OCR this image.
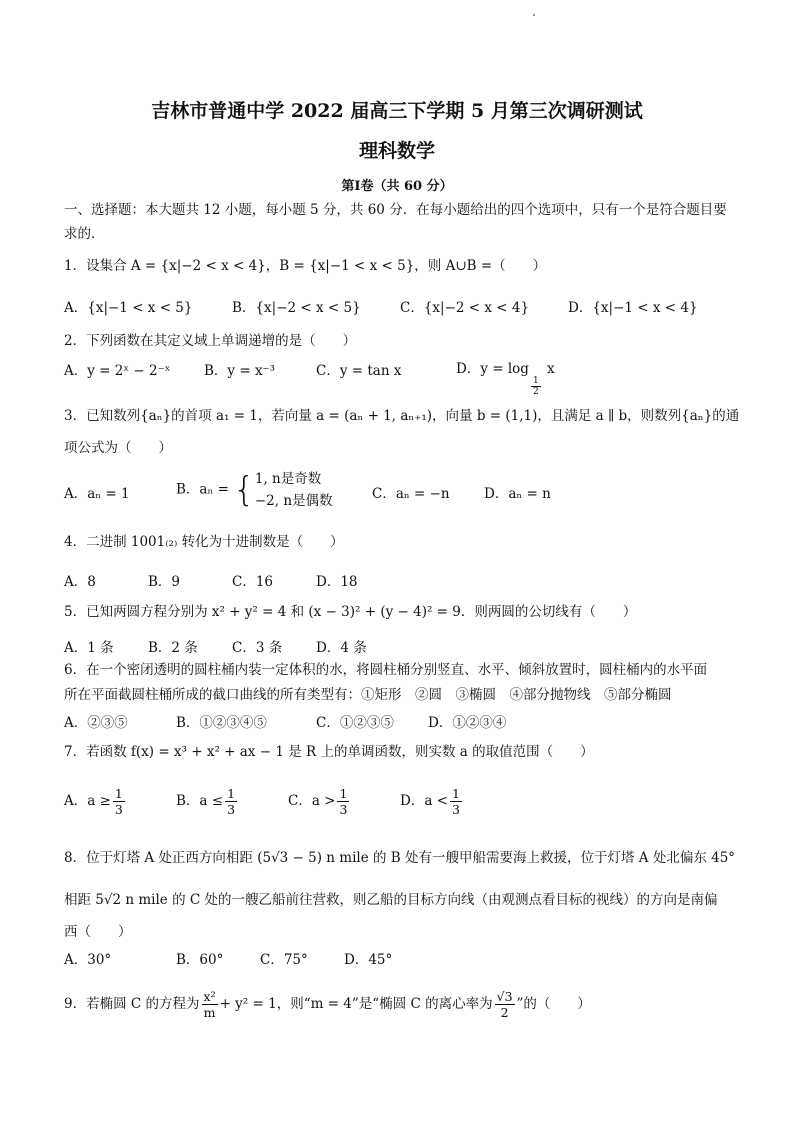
吉林市普通中学 2022 届高三下学期 5 月第三次调研测试
理科数学
第Ⅰ卷（共 60 分）
一、选择题：本大题共 12 小题，每小题 5 分，共 60 分．在每小题给出的四个选项中，只有一个是符合题目要
求的．
1．设集合 A = {x|−2 < x < 4}，B = {x|−1 < x < 5}，则 A∪B =（　　）
A．{x|−1 < x < 5}	B．{x|−2 < x < 5}	C．{x|−2 < x < 4}	D．{x|−1 < x < 4}
2．下列函数在其定义域上单调递增的是（　　）
A．y = 2ˣ − 2⁻ˣ B．y = x⁻³	C．y = tan x	D．y = log
$\frac{1}{2}$
x
3．已知数列{aₙ}的首项 a₁ = 1，若向量 a = (aₙ + 1, aₙ₊₁)，向量 b = (1,1)，且满足 a ∥ b，则数列{aₙ}的通
项公式为（　　）
A．aₙ = 1	B．aₙ = { 1, n是奇数
−2, n是偶数	C．aₙ = −n	D．aₙ = n
4．二进制 1001₍₂₎ 转化为十进制数是（　　）
A．8	B．9	C．16	D．18
5．已知两圆方程分别为 x² + y² = 4 和 (x − 3)² + (y − 4)² = 9．则两圆的公切线有（　　）
A．1 条	B．2 条	C．3 条	D．4 条
6．在一个密闭透明的圆柱桶内装一定体积的水，将圆柱桶分别竖直、水平、倾斜放置时，圆柱桶内的水平面
所在平面截圆柱桶所成的截口曲线的所有类型有：①矩形　②圆　③椭圆　④部分抛物线　⑤部分椭圆
A．②③⑤	B．①②③④⑤	C．①②③⑤	D．①②③④
7．若函数 f(x) = x³ + x² + ax − 1 是 R 上的单调函数，则实数 a 的取值范围（　　）
A．$a \ge \frac{1}{3}$	B．$a \le \frac{1}{3}$	C．$a > \frac{1}{3}$	D．$a < \frac{1}{3}$
8．位于灯塔 A 处正西方向相距 (5√3 − 5) n mile 的 B 处有一艘甲船需要海上救援，位于灯塔 A 处北偏东 45°
相距 5√2 n mile 的 C 处的一艘乙船前往营救，则乙船的目标方向线（由观测点看目标的视线）的方向是南偏
西（　　）
A．30°	B．60°	C．75°	D．45°
9．若椭圆 C 的方程为 $\frac{\text{x²}}{m} + y^2 = 1$，则“m = 4”是“椭圆 C 的离心率为 $\frac{√3}{2}$ ”的（　　）
